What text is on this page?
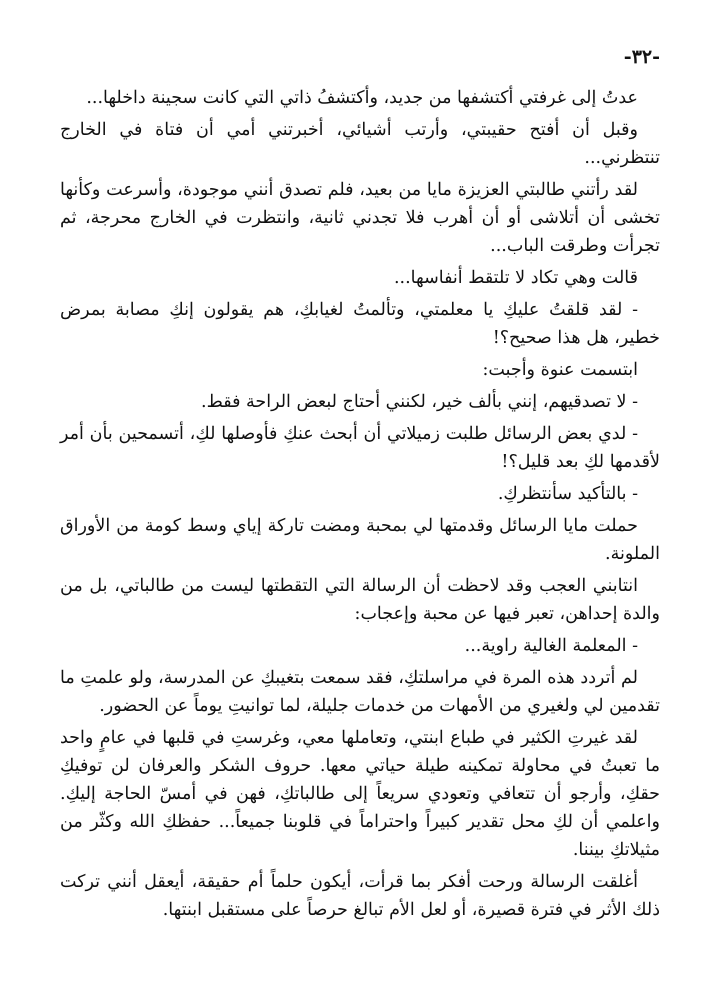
-٣٢-

عدتُ إلى غرفتي أكتشفها من جديد، وأكتشفُ ذاتي التي كانت سجينة داخلها...

وقبل أن أفتح حقيبتي، وأرتب أشيائي، أخبرتني أمي أن فتاة في الخارج تنتظرني...

لقد رأتني طالبتي العزيزة مايا من بعيد، فلم تصدق أنني موجودة، وأسرعت وكأنها تخشى أن أتلاشى أو أن أهرب فلا تجدني ثانية، وانتظرت في الخارج محرجة، ثم تجرأت وطرقت الباب...

قالت وهي تكاد لا تلتقط أنفاسها...

- لقد قلقتُ عليكِ يا معلمتي، وتألمتُ لغيابكِ، هم يقولون إنكِ مصابة بمرض خطير، هل هذا صحيح؟!

ابتسمت عنوة وأجبت:

- لا تصدقيهم، إنني بألف خير، لكنني أحتاج لبعض الراحة فقط.

- لدي بعض الرسائل طلبت زميلاتي أن أبحث عنكِ فأوصلها لكِ، أتسمحين بأن أمر لأقدمها لكِ بعد قليل؟!

- بالتأكيد سأنتظركِ.

حملت مايا الرسائل وقدمتها لي بمحبة ومضت تاركة إياي وسط كومة من الأوراق الملونة.

انتابني العجب وقد لاحظت أن الرسالة التي التقطتها ليست من طالباتي، بل من والدة إحداهن، تعبر فيها عن محبة وإعجاب:

- المعلمة الغالية راوية...

لم أتردد هذه المرة في مراسلتكِ، فقد سمعت بتغيبكِ عن المدرسة، ولو علمتِ ما تقدمين لي ولغيري من الأمهات من خدمات جليلة، لما توانيتِ يوماً عن الحضور.

لقد غيرتِ الكثير في طباع ابنتي، وتعاملها معي، وغرستِ في قلبها في عامٍ واحد ما تعبتُ في محاولة تمكينه طيلة حياتي معها. حروف الشكر والعرفان لن توفيكِ حقكِ، وأرجو أن تتعافي وتعودي سريعاً إلى طالباتكِ، فهن في أمسّ الحاجة إليكِ. واعلمي أن لكِ محل تقدير كبيراً واحتراماً في قلوبنا جميعاً... حفظكِ الله وكثّر من مثيلاتكِ بيننا.

أغلقت الرسالة ورحت أفكر بما قرأت، أيكون حلماً أم حقيقة، أيعقل أنني تركت ذلك الأثر في فترة قصيرة، أو لعل الأم تبالغ حرصاً على مستقبل ابنتها.
